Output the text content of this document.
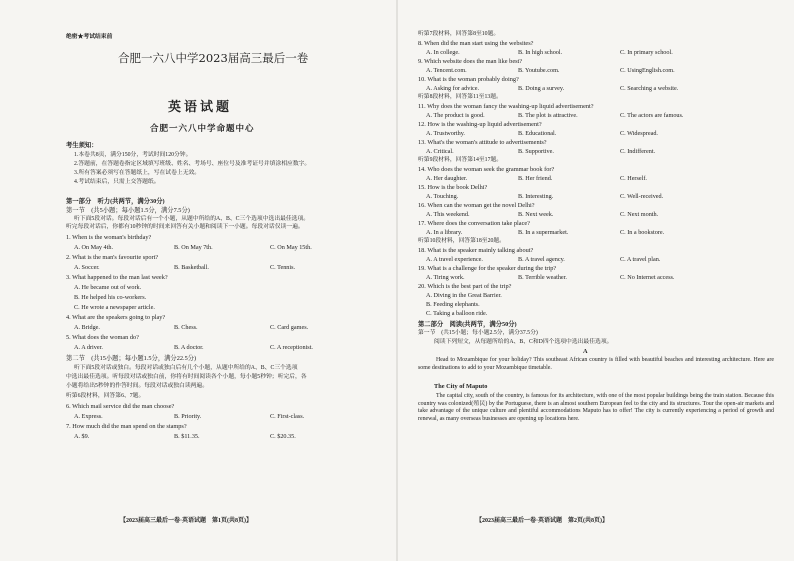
绝密★考试结束前
合肥一六八中学2023届高三最后一卷
英语试题
合肥一六八中学命题中心
考生须知：
1.本卷共8页，满分150分，考试时间120分钟。
2.答题前，在答题卷指定区域填写班级、姓名、考场号、座位号及准考证号并填涂相应数字。
3.所有答案必须写在答题纸上，写在试卷上无效。
4.考试结束后，只需上交答题纸。
第一部分　听力(共两节，满分30分)
第一节　(共5小题；每小题1.5分，满分7.5分)
听下面5段对话。每段对话后有一个小题，从题中所给的A、B、C三个选项中选出最佳选项。
听完每段对话后，你都有10秒钟的时间来回答有关小题和阅读下一小题。每段对话仅读一遍。
1. When is the woman's birthday?
A. On May 4th.	B. On May 7th.	C. On May 15th.
2. What is the man's favourite sport?
A. Soccer.	B. Basketball.	C. Tennis.
3. What happened to the man last week?
A. He became out of work.
B. He helped his co-workers.
C. He wrote a newspaper article.
4. What are the speakers going to play?
A. Bridge.	B. Chess.	C. Card games.
5. What does the woman do?
A. A driver.	B. A doctor.	C. A receptionist.
第二节　(共15小题；每小题1.5分，满分22.5分)
听下面5段对话或独白。每段对话或独白后有几个小题，从题中所给的A、B、C三个选项
中选出最佳选项。听每段对话或独白前，你将有时间阅读各个小题，每小题5秒钟；听完后，各
小题将给出5秒钟的作答时间。每段对话或独白读两遍。
听第6段材料，回答第6、7题。
6. Which mail service did the man choose?
A. Express.	B. Priority.	C. First-class.
7. How much did the man spend on the stamps?
A. $9.	B. $11.35.	C. $20.35.
【2023届高三最后一卷·英语试题　第1页(共8页)】
听第7段材料，回答第8至10题。
8. When did the man start using the websites?
A. In college.	B. In high school.	C. In primary school.
9. Which website does the man like best?
A. Tencent.com.	B. Youtube.com.	C. UsingEnglish.com.
10. What is the woman probably doing?
A. Asking for advice.	B. Doing a survey.	C. Searching a website.
听第8段材料，回答第11至13题。
11. Why does the woman fancy the washing-up liquid advertisement?
A. The product is good.	B. The plot is attractive.	C. The actors are famous.
12. How is the washing-up liquid advertisement?
A. Trustworthy.	B. Educational.	C. Widespread.
13. What's the woman's attitude to advertisements?
A. Critical.	B. Supportive.	C. Indifferent.
听第9段材料，回答第14至17题。
14. Who does the woman seek the grammar book for?
A. Her daughter.	B. Her friend.	C. Herself.
15. How is the book Delhi?
A. Touching.	B. Interesting.	C. Well-received.
16. When can the woman get the novel Delhi?
A. This weekend.	B. Next week.	C. Next month.
17. Where does the conversation take place?
A. In a library.	B. In a supermarket.	C. In a bookstore.
听第10段材料，回答第18至20题。
18. What is the speaker mainly talking about?
A. A travel experience.	B. A travel agency.	C. A travel plan.
19. What is a challenge for the speaker during the trip?
A. Tiring work.	B. Terrible weather.	C. No Internet access.
20. Which is the best part of the trip?
A. Diving in the Great Barrier.
B. Feeding elephants.
C. Taking a balloon ride.
第二部分　阅读(共两节，满分50分)
第一节　(共15小题；每小题2.5分，满分37.5分)
阅读下列短文，从每题所给的A、B、C和D四个选项中选出最佳选项。
A
Head to Mozambique for your holiday? This southeast African country is filled with beautiful beaches and interesting architecture. Here are some destinations to add to your Mozambique timetable.
The City of Maputo
The capital city, south of the country, is famous for its architecture, with one of the most popular buildings being the train station. Because this country was colonized(殖民) by the Portuguese, there is an almost southern European feel to the city and its structures. Tour the open-air markets and take advantage of the unique culture and plentiful accommodations Maputo has to offer! The city is currently experiencing a period of growth and renewal, as many overseas businesses are opening up locations here.
【2023届高三最后一卷·英语试题　第2页(共8页)】
